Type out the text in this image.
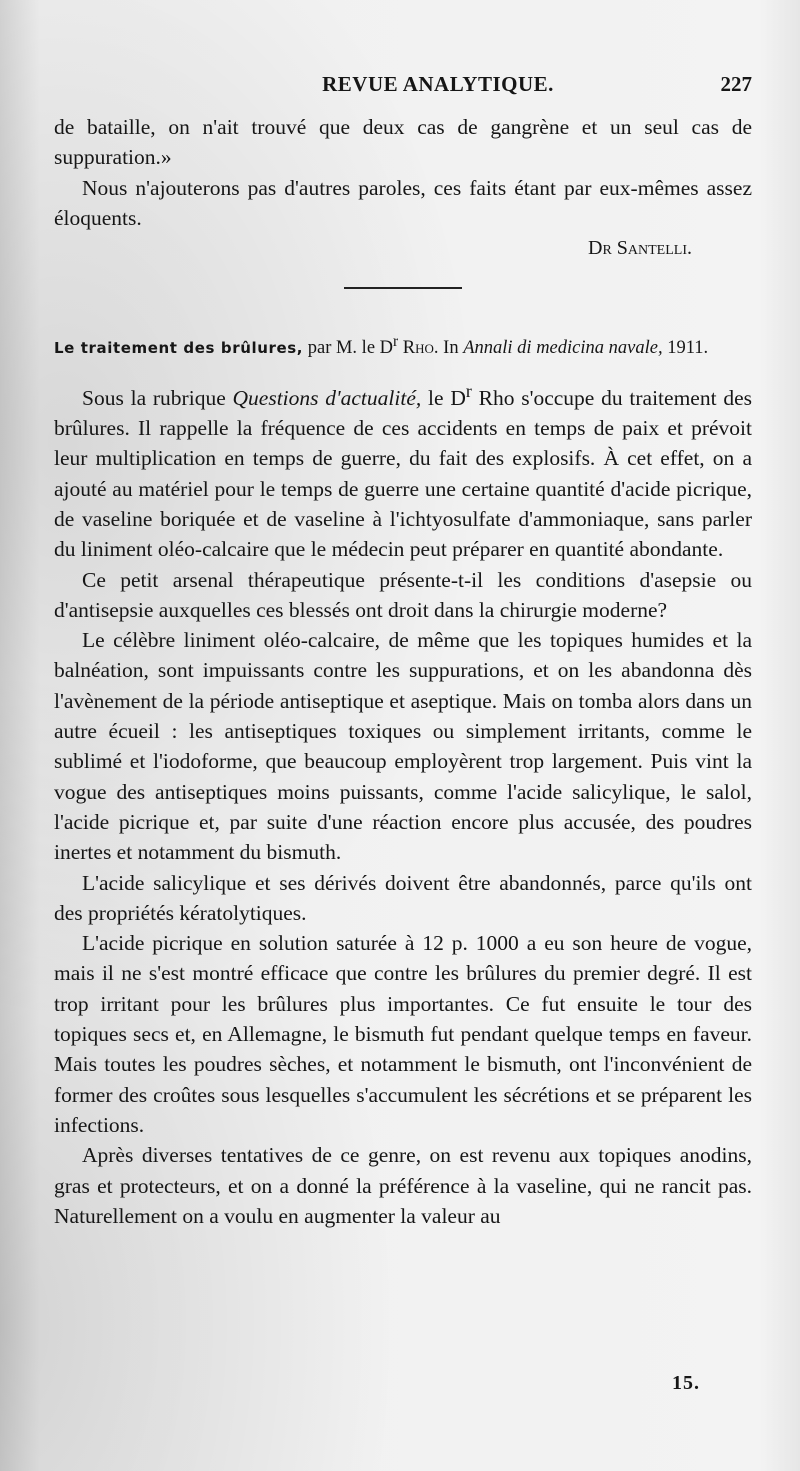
REVUE ANALYTIQUE.	227

de bataille, on n'ait trouvé que deux cas de gangrène et un seul cas de suppuration.»

Nous n'ajouterons pas d'autres paroles, ces faits étant par eux-mêmes assez éloquents.

Dr Santelli.

Le traitement des brûlures, par M. le $D^r$ Rho. In Annali di medicina navale, 1911.

Sous la rubrique Questions d'actualité, le $D^r$ Rho s'occupe du traitement des brûlures. Il rappelle la fréquence de ces accidents en temps de paix et prévoit leur multiplication en temps de guerre, du fait des explosifs. À cet effet, on a ajouté au matériel pour le temps de guerre une certaine quantité d'acide picrique, de vaseline boriquée et de vaseline à l'ichtyosulfate d'ammoniaque, sans parler du liniment oléo-calcaire que le médecin peut préparer en quantité abondante.

Ce petit arsenal thérapeutique présente-t-il les conditions d'asepsie ou d'antisepsie auxquelles ces blessés ont droit dans la chirurgie moderne?

Le célèbre liniment oléo-calcaire, de même que les topiques humides et la balnéation, sont impuissants contre les suppurations, et on les abandonna dès l'avènement de la période antiseptique et aseptique. Mais on tomba alors dans un autre écueil : les antiseptiques toxiques ou simplement irritants, comme le sublimé et l'iodoforme, que beaucoup employèrent trop largement. Puis vint la vogue des antiseptiques moins puissants, comme l'acide salicylique, le salol, l'acide picrique et, par suite d'une réaction encore plus accusée, des poudres inertes et notamment du bismuth.

L'acide salicylique et ses dérivés doivent être abandonnés, parce qu'ils ont des propriétés kératolytiques.

L'acide picrique en solution saturée à 12 p. 1000 a eu son heure de vogue, mais il ne s'est montré efficace que contre les brûlures du premier degré. Il est trop irritant pour les brûlures plus importantes. Ce fut ensuite le tour des topiques secs et, en Allemagne, le bismuth fut pendant quelque temps en faveur. Mais toutes les poudres sèches, et notamment le bismuth, ont l'inconvénient de former des croûtes sous lesquelles s'accumulent les sécrétions et se préparent les infections.

Après diverses tentatives de ce genre, on est revenu aux topiques anodins, gras et protecteurs, et on a donné la préférence à la vaseline, qui ne rancit pas. Naturellement on a voulu en augmenter la valeur au

15.
